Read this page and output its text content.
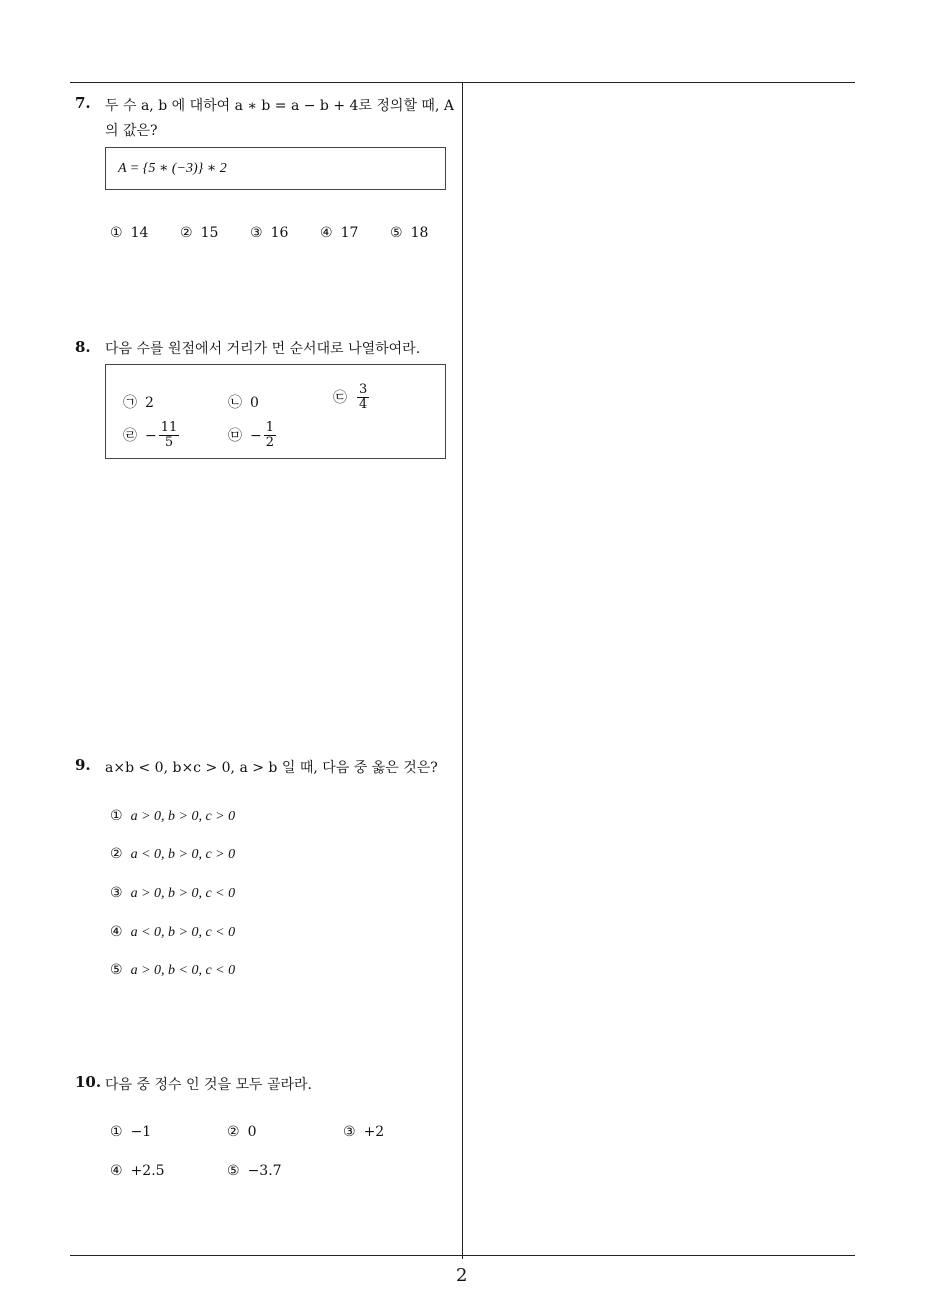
7. 두 수 a, b 에 대하여 a ∗ b = a − b + 4로 정의할 때, A
의 값은?
A = {5 ∗ (−3)} ∗ 2
① 14 ② 15 ③ 16 ④ 17 ⑤ 18
8. 다음 수를 원점에서 거리가 먼 순서대로 나열하여라.
㉠ 2	㉡ 0	㉢ $\frac{3}{4}$
㉣ − $\frac{11}{5}$	㉤ − $\frac{1}{2}$
9. a×b < 0, b×c > 0, a > b 일 때, 다음 중 옳은 것은?
① a > 0, b > 0, c > 0
② a < 0, b > 0, c > 0
③ a > 0, b > 0, c < 0
④ a < 0, b > 0, c < 0
⑤ a > 0, b < 0, c < 0
10. 다음 중 정수 인 것을 모두 골라라.
① −1	② 0	③ +2
④ +2.5	⑤ −3.7
2
